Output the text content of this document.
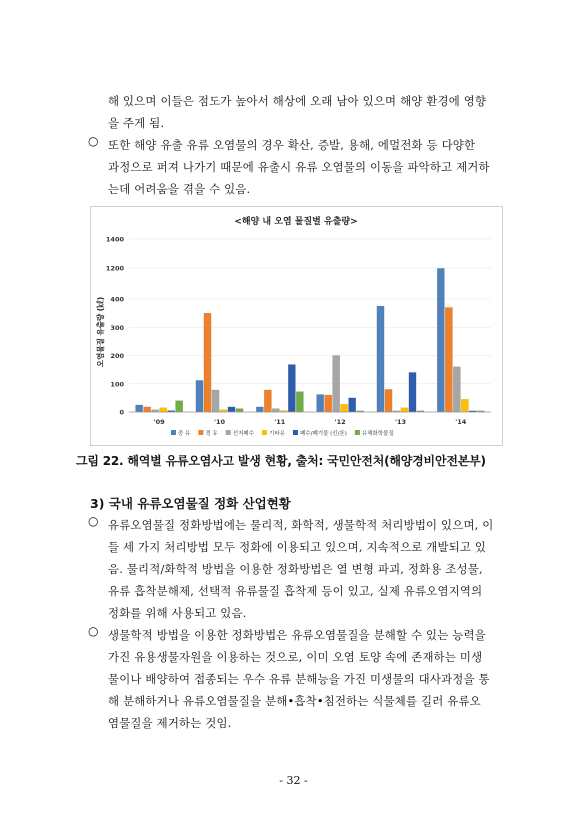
해 있으며 이들은 점도가 높아서 해상에 오래 남아 있으며 해양 환경에 영향
을 주게 됨.
○ 또한 해양 유출 유류 오염물의 경우 확산, 증발, 용해, 에멀전화 등 다양한
과정으로 퍼져 나가기 때문에 유출시 유류 오염물의 이동을 파악하고 제거하
는데 어려움을 겪을 수 있음.
<해양 내 오염 물질별 유출량>
오염물질 유출량 (㎘)
0
100
200
300
400
1200
1400
'09	'10	'11	'12	'13	'14
중 유	경 유	선저폐수	기타유	폐수/폐기물 (킨/톤)	유해화학물질
그림 22. 해역별 유류오염사고 발생 현황, 출처: 국민안전처(해양경비안전본부)
3) 국내 유류오염물질 정화 산업현황
○ 유류오염물질 정화방법에는 물리적, 화학적, 생물학적 처리방법이 있으며, 이
들 세 가지 처리방법 모두 정화에 이용되고 있으며, 지속적으로 개발되고 있
음. 물리적/화학적 방법을 이용한 정화방법은 열 변형 파괴, 정화용 조성물,
유류 흡착분해제, 선택적 유류물질 흡착제 등이 있고, 실제 유류오염지역의
정화를 위해 사용되고 있음.
○ 생물학적 방법을 이용한 정화방법은 유류오염물질을 분해할 수 있는 능력을
가진 유용생물자원을 이용하는 것으로, 이미 오염 토양 속에 존재하는 미생
물이나 배양하여 접종되는 우수 유류 분해능을 가진 미생물의 대사과정을 통
해 분해하거나 유류오염물질을 분해•흡착•침전하는 식물체를 길러 유류오
염물질을 제거하는 것임.
- 32 -
